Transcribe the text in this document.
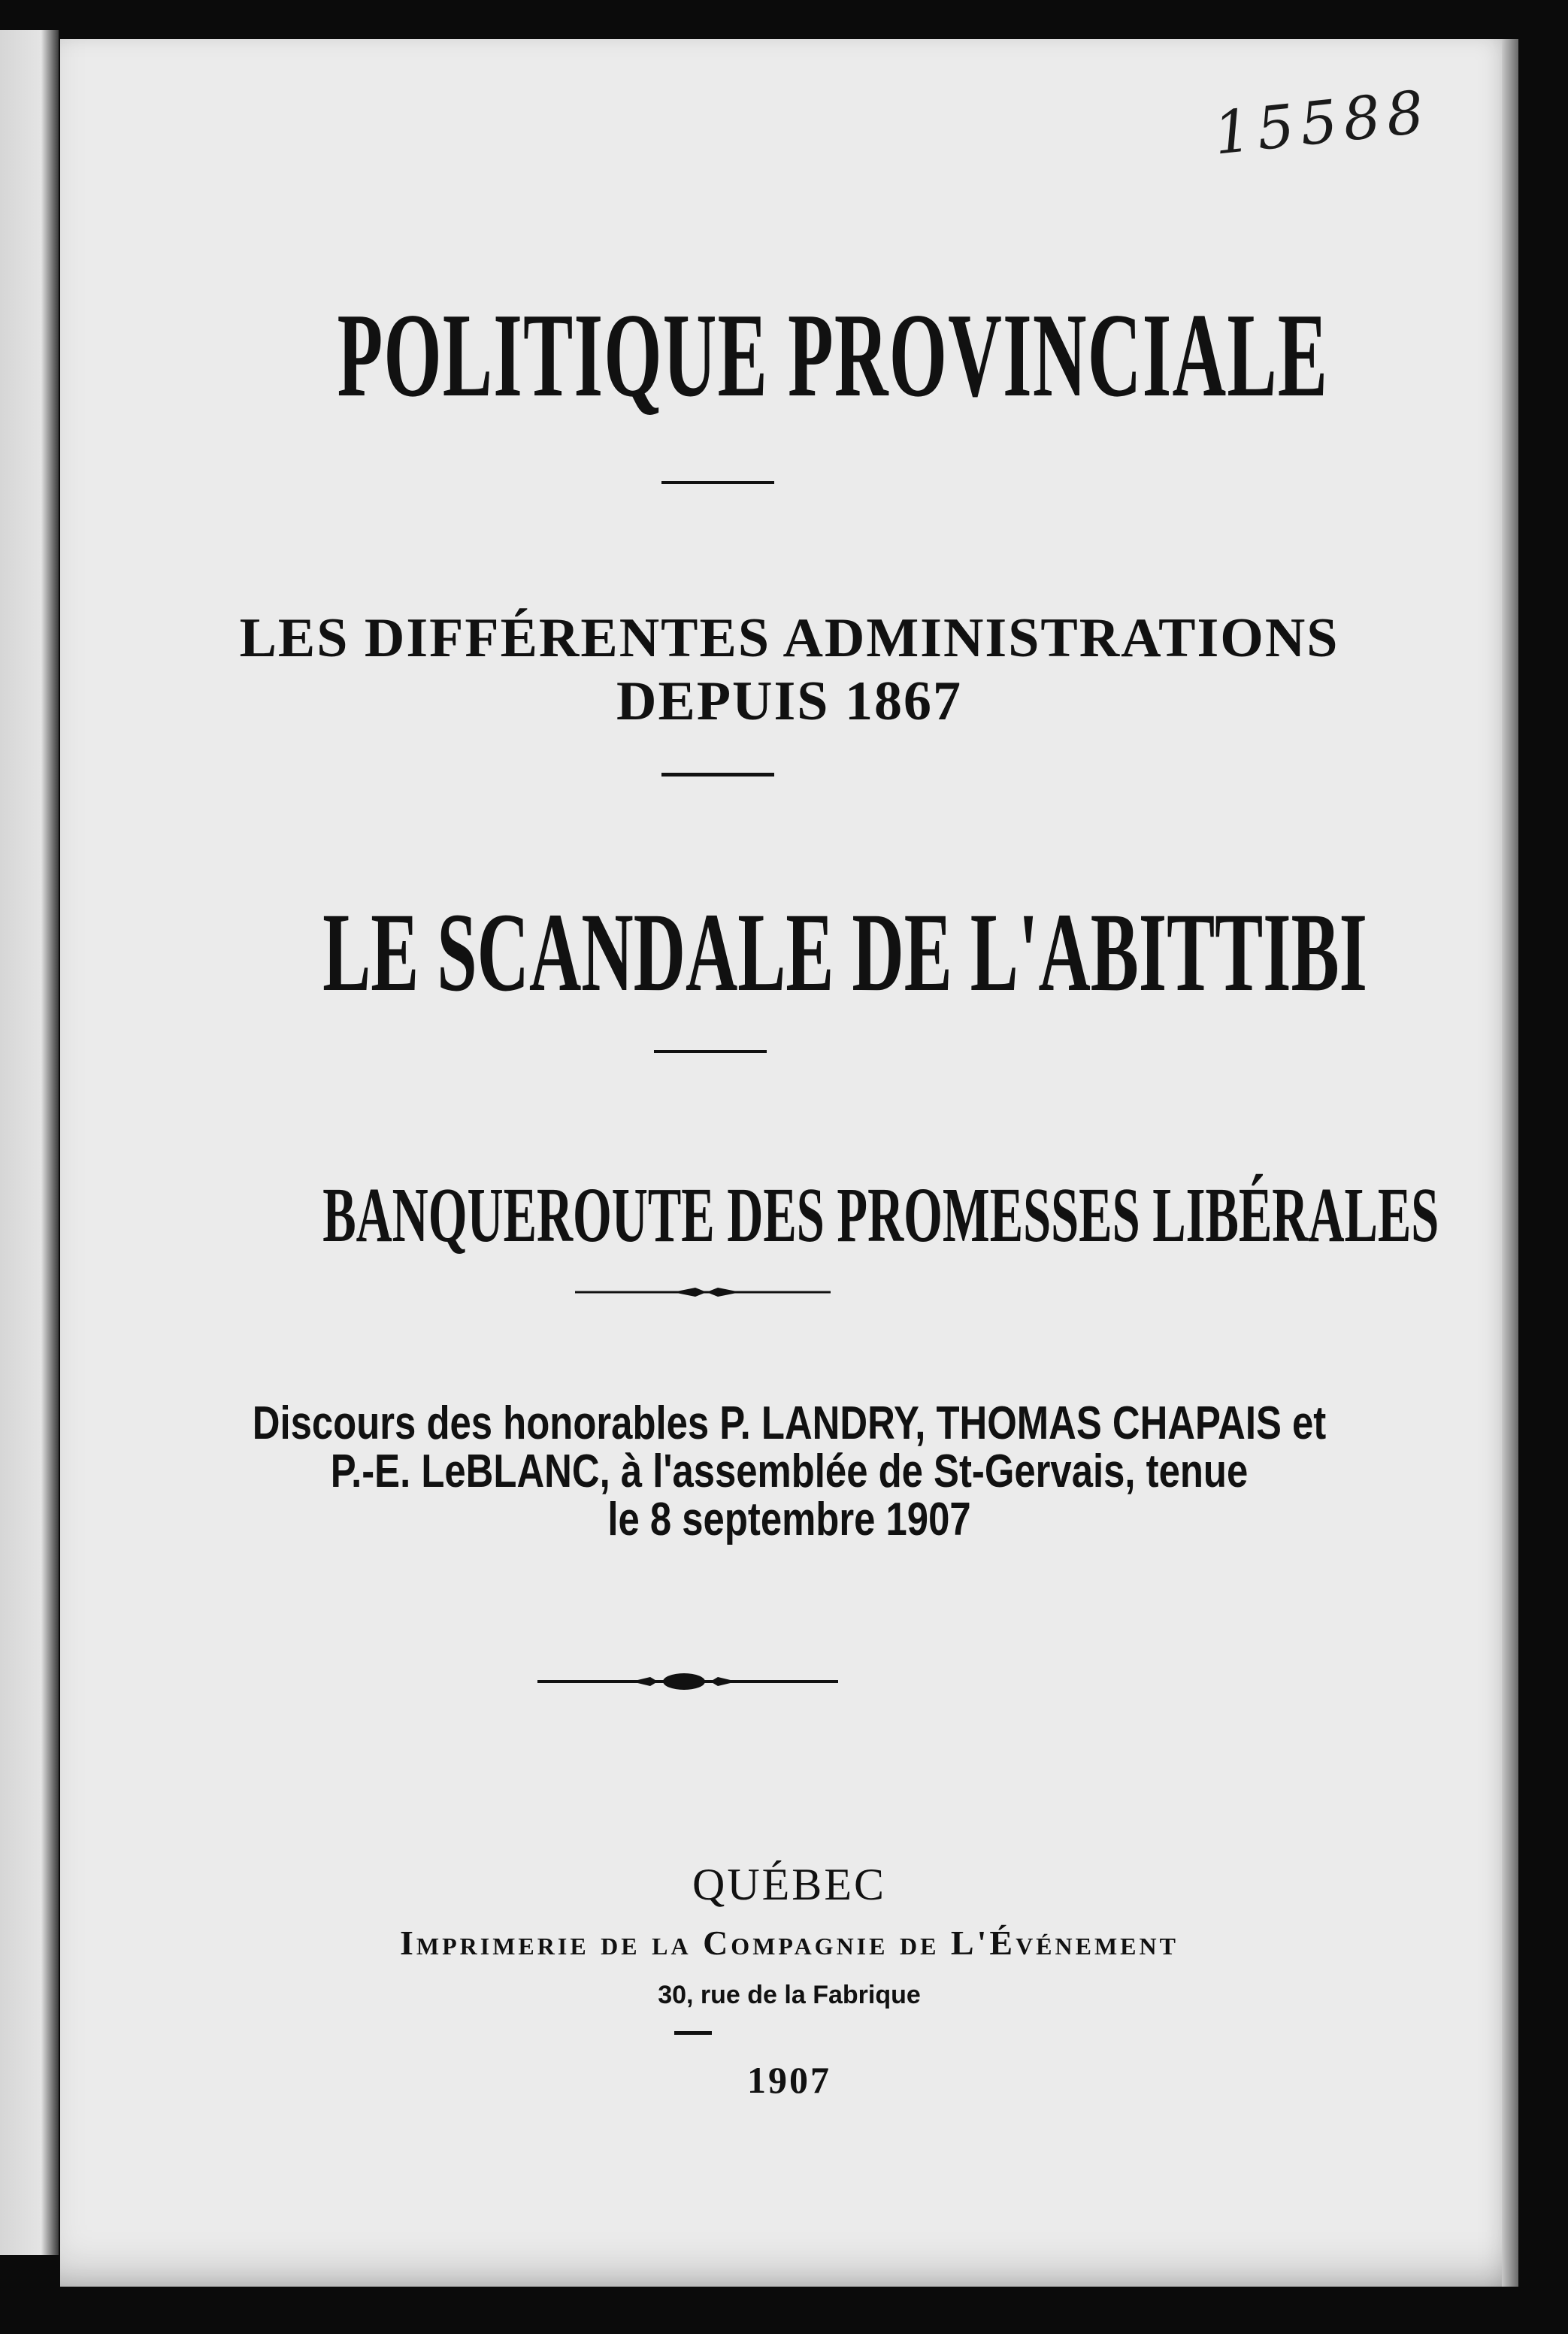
15588
POLITIQUE PROVINCIALE
LES DIFFÉRENTES ADMINISTRATIONS
DEPUIS 1867
LE SCANDALE DE L'ABITTIBI
BANQUEROUTE DES PROMESSES LIBÉRALES
Discours des honorables P. LANDRY, THOMAS CHAPAIS et
P.-E. LeBLANC, à l'assemblée de St-Gervais, tenue
le 8 septembre 1907
QUÉBEC
Imprimerie de la Compagnie de L'Événement
30, rue de la Fabrique
1907
